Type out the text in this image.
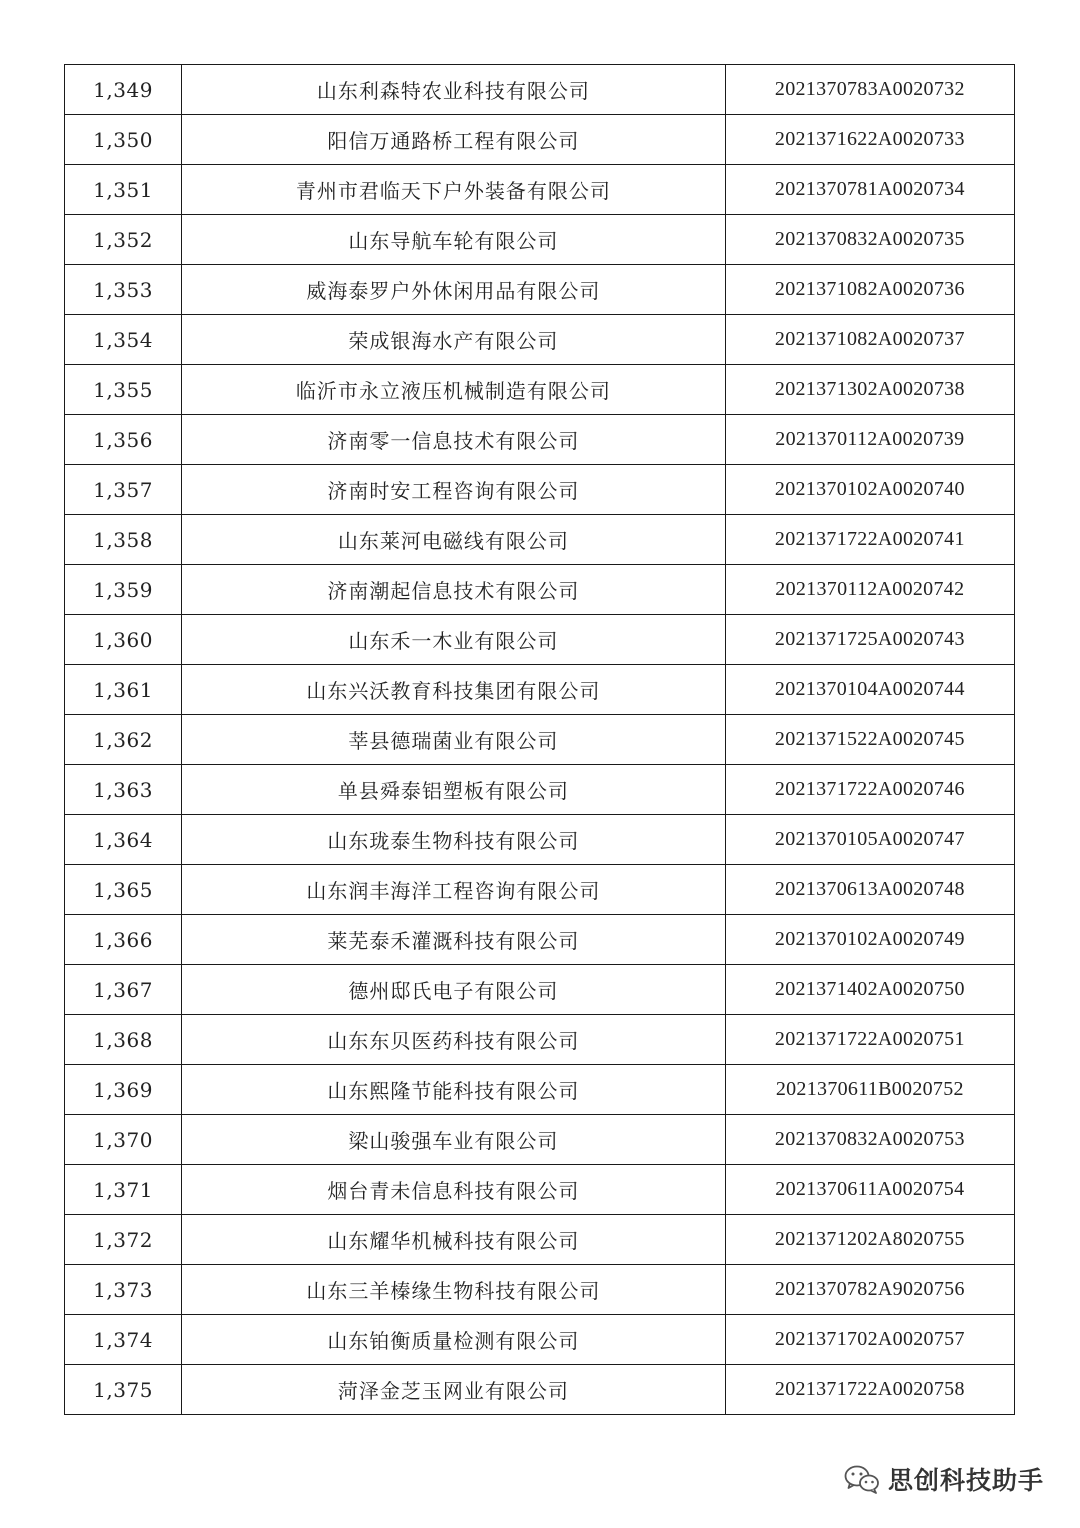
1,349	山东利森特农业科技有限公司	2021370783A0020732
1,350	阳信万通路桥工程有限公司	2021371622A0020733
1,351	青州市君临天下户外装备有限公司	2021370781A0020734
1,352	山东导航车轮有限公司	2021370832A0020735
1,353	威海泰罗户外休闲用品有限公司	2021371082A0020736
1,354	荣成银海水产有限公司	2021371082A0020737
1,355	临沂市永立液压机械制造有限公司	2021371302A0020738
1,356	济南零一信息技术有限公司	2021370112A0020739
1,357	济南时安工程咨询有限公司	2021370102A0020740
1,358	山东莱河电磁线有限公司	2021371722A0020741
1,359	济南潮起信息技术有限公司	2021370112A0020742
1,360	山东禾一木业有限公司	2021371725A0020743
1,361	山东兴沃教育科技集团有限公司	2021370104A0020744
1,362	莘县德瑞菌业有限公司	2021371522A0020745
1,363	单县舜泰铝塑板有限公司	2021371722A0020746
1,364	山东珑泰生物科技有限公司	2021370105A0020747
1,365	山东润丰海洋工程咨询有限公司	2021370613A0020748
1,366	莱芜泰禾灌溉科技有限公司	2021370102A0020749
1,367	德州邸氏电子有限公司	2021371402A0020750
1,368	山东东贝医药科技有限公司	2021371722A0020751
1,369	山东熙隆节能科技有限公司	2021370611B0020752
1,370	梁山骏强车业有限公司	2021370832A0020753
1,371	烟台青未信息科技有限公司	2021370611A0020754
1,372	山东耀华机械科技有限公司	2021371202A8020755
1,373	山东三羊榛缘生物科技有限公司	2021370782A9020756
1,374	山东铂衡质量检测有限公司	2021371702A0020757
1,375	菏泽金芝玉网业有限公司	2021371722A0020758
思创科技助手
